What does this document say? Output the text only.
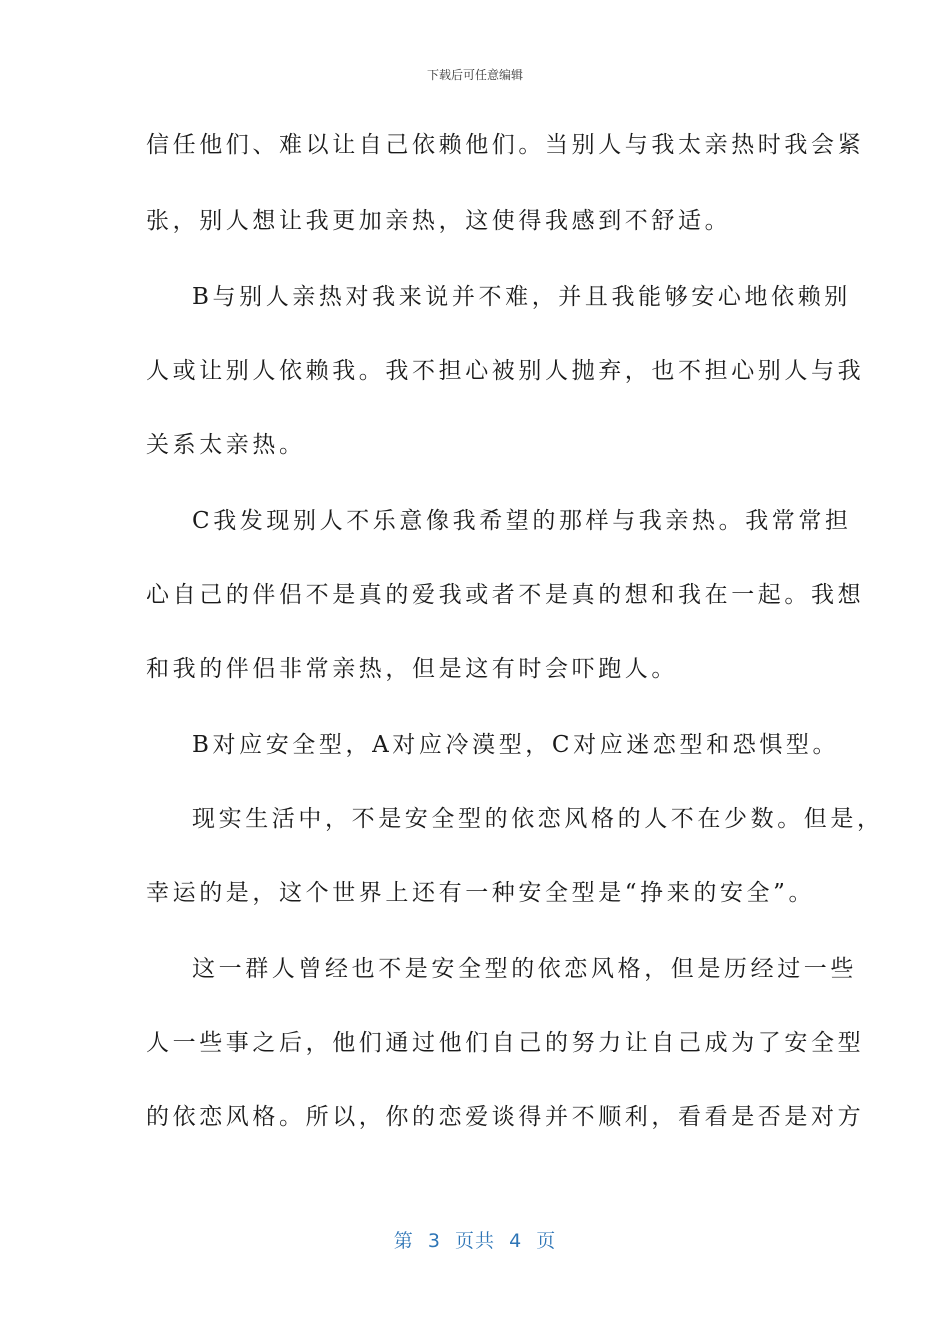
下载后可任意编辑
信任他们、难以让自己依赖他们。当别人与我太亲热时我会紧
张，别人想让我更加亲热，这使得我感到不舒适。
B与别人亲热对我来说并不难，并且我能够安心地依赖别
人或让别人依赖我。我不担心被别人抛弃，也不担心别人与我
关系太亲热。
C我发现别人不乐意像我希望的那样与我亲热。我常常担
心自己的伴侣不是真的爱我或者不是真的想和我在一起。我想
和我的伴侣非常亲热，但是这有时会吓跑人。
B对应安全型，A对应冷漠型，C对应迷恋型和恐惧型。
现实生活中，不是安全型的依恋风格的人不在少数。但是，
幸运的是，这个世界上还有一种安全型是“挣来的安全”。
这一群人曾经也不是安全型的依恋风格，但是历经过一些
人一些事之后，他们通过他们自己的努力让自己成为了安全型
的依恋风格。所以，你的恋爱谈得并不顺利，看看是否是对方
第  3  页共  4  页
